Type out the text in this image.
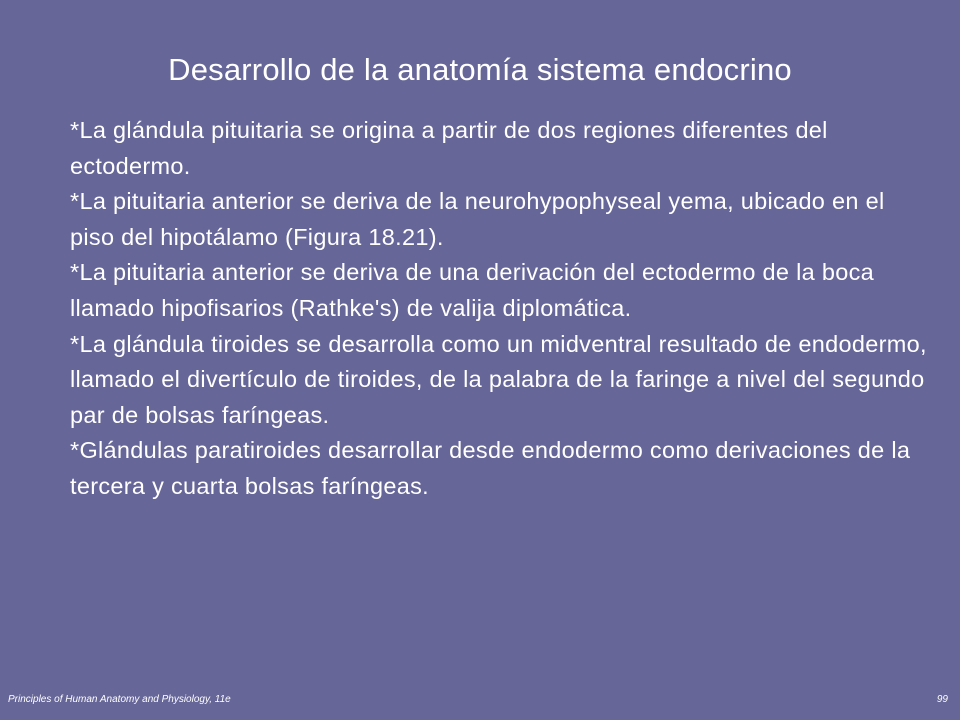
Desarrollo de la anatomía sistema endocrino

*La glándula pituitaria se origina a partir de dos regiones diferentes del ectodermo.

*La pituitaria anterior se deriva de la neurohypophyseal yema, ubicado en el piso del hipotálamo (Figura 18.21).

*La pituitaria anterior se deriva de una derivación del ectodermo de la boca llamado hipofisarios (Rathke's) de valija diplomática.

*La glándula tiroides se desarrolla como un midventral resultado de endodermo, llamado el divertículo de tiroides, de la palabra de la faringe a nivel del segundo par de bolsas faríngeas.

*Glándulas paratiroides desarrollar desde endodermo como derivaciones de la tercera y cuarta bolsas faríngeas.

Principles of Human Anatomy and Physiology, 11e	99
